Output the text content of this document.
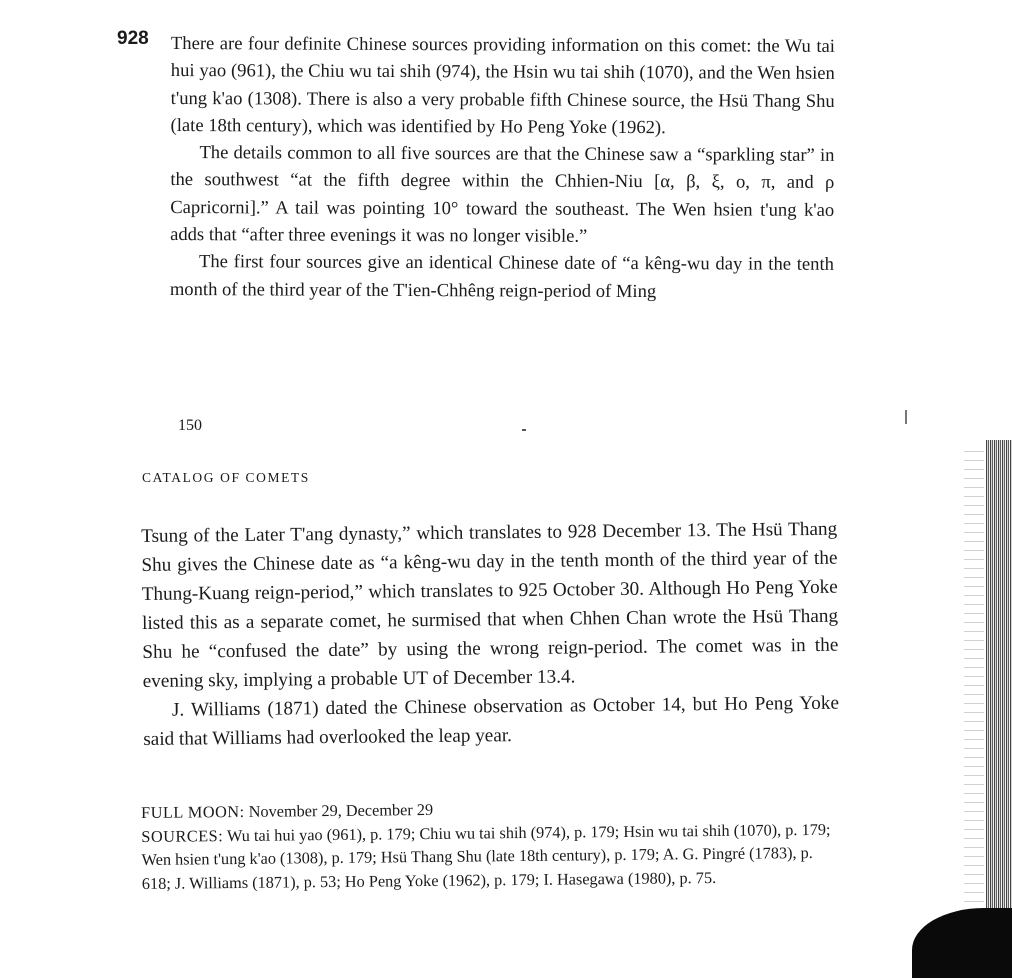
928 There are four definite Chinese sources providing information on this comet: the Wu tai hui yao (961), the Chiu wu tai shih (974), the Hsin wu tai shih (1070), and the Wen hsien t'ung k'ao (1308). There is also a very probable fifth Chinese source, the Hsü Thang Shu (late 18th century), which was identified by Ho Peng Yoke (1962).

The details common to all five sources are that the Chinese saw a “sparkling star” in the southwest “at the fifth degree within the Chhien-Niu [α, β, ξ, o, π, and ρ Capricorni].” A tail was pointing 10° toward the southeast. The Wen hsien t'ung k'ao adds that “after three evenings it was no longer visible.”

The first four sources give an identical Chinese date of “a kêng-wu day in the tenth month of the third year of the T'ien-Chhêng reign-period of Ming

150
CATALOG OF COMETS

Tsung of the Later T'ang dynasty,” which translates to 928 December 13. The Hsü Thang Shu gives the Chinese date as “a kêng-wu day in the tenth month of the third year of the Thung-Kuang reign-period,” which translates to 925 October 30. Although Ho Peng Yoke listed this as a separate comet, he surmised that when Chhen Chan wrote the Hsü Thang Shu he “confused the date” by using the wrong reign-period. The comet was in the evening sky, implying a probable UT of December 13.4.

J. Williams (1871) dated the Chinese observation as October 14, but Ho Peng Yoke said that Williams had overlooked the leap year.

FULL MOON: November 29, December 29

SOURCES: Wu tai hui yao (961), p. 179; Chiu wu tai shih (974), p. 179; Hsin wu tai shih (1070), p. 179; Wen hsien t'ung k'ao (1308), p. 179; Hsü Thang Shu (late 18th century), p. 179; A. G. Pingré (1783), p. 618; J. Williams (1871), p. 53; Ho Peng Yoke (1962), p. 179; I. Hasegawa (1980), p. 75.
